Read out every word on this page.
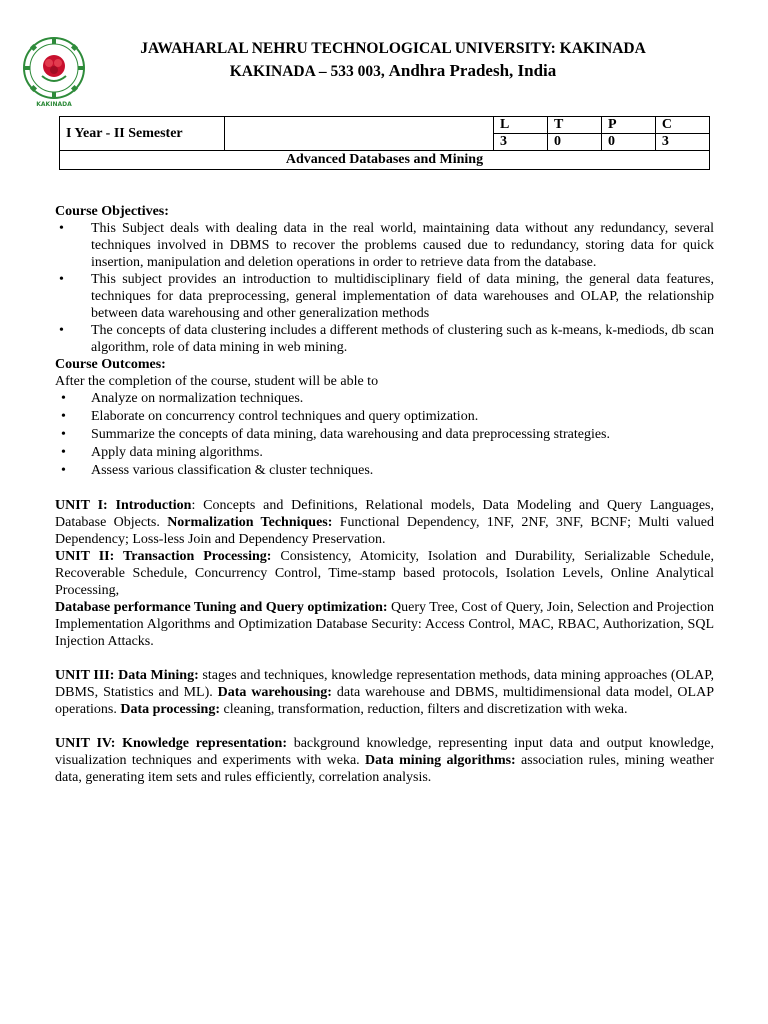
KAKINADA
JAWAHARLAL NEHRU TECHNOLOGICAL UNIVERSITY: KAKINADA
KAKINADA – 533 003, Andhra Pradesh, India
I Year - II Semester		L	T	P	C
		3	0	0	3
Advanced Databases and Mining					
Course Objectives:
• This Subject deals with dealing data in the real world, maintaining data without any redundancy, several techniques involved in DBMS to recover the problems caused due to redundancy, storing data for quick insertion, manipulation and deletion operations in order to retrieve data from the database.
• This subject provides an introduction to multidisciplinary field of data mining, the general data features, techniques for data preprocessing, general implementation of data warehouses and OLAP, the relationship between data warehousing and other generalization methods
• The concepts of data clustering includes a different methods of clustering such as k-means, k-mediods, db scan algorithm, role of data mining in web mining.
Course Outcomes:

After the completion of the course, student will be able to

• Analyze on normalization techniques.
• Elaborate on concurrency control techniques and query optimization.
• Summarize the concepts of data mining, data warehousing and data preprocessing strategies.
• Apply data mining algorithms.
• Assess various classification & cluster techniques.

UNIT I: Introduction: Concepts and Definitions, Relational models, Data Modeling and Query Languages, Database Objects. Normalization Techniques: Functional Dependency, 1NF, 2NF, 3NF, BCNF; Multi valued Dependency; Loss-less Join and Dependency Preservation.

UNIT II: Transaction Processing: Consistency, Atomicity, Isolation and Durability, Serializable Schedule, Recoverable Schedule, Concurrency Control, Time-stamp based protocols, Isolation Levels, Online Analytical Processing,

Database performance Tuning and Query optimization: Query Tree, Cost of Query, Join, Selection and Projection Implementation Algorithms and Optimization Database Security: Access Control, MAC, RBAC, Authorization, SQL Injection Attacks.

UNIT III: Data Mining: stages and techniques, knowledge representation methods, data mining approaches (OLAP, DBMS, Statistics and ML). Data warehousing: data warehouse and DBMS, multidimensional data model, OLAP operations. Data processing: cleaning, transformation, reduction, filters and discretization with weka.

UNIT IV: Knowledge representation: background knowledge, representing input data and output knowledge, visualization techniques and experiments with weka. Data mining algorithms: association rules, mining weather data, generating item sets and rules efficiently, correlation analysis.
